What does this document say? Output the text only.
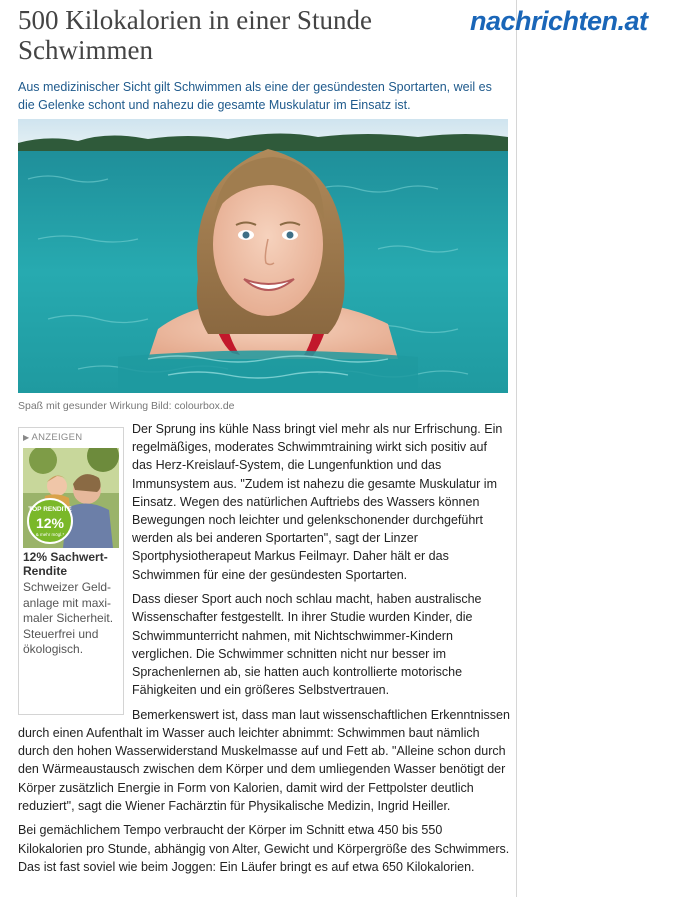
nachrichten.at
500 Kilokalorien in einer Stunde Schwimmen

Aus medizinischer Sicht gilt Schwimmen als eine der gesündesten Sportarten, weil es die Gelenke schont und nahezu die gesamte Muskulatur im Einsatz ist.

Spaß mit gesunder Wirkung Bild: colourbox.de
▶ ANZEIGEN
TOP RENDITE
12%
& mehr mögl.*
12% Sachwert-Rendite
Schweizer Geld-anlage mit maxi-maler Sicherheit. Steuerfrei und ökologisch.

Der Sprung ins kühle Nass bringt viel mehr als nur Erfrischung. Ein regelmäßiges, moderates Schwimmtraining wirkt sich positiv auf das Herz-Kreislauf-System, die Lungenfunktion und das Immunsystem aus. "Zudem ist nahezu die gesamte Muskulatur im Einsatz. Wegen des natürlichen Auftriebs des Wassers können Bewegungen noch leichter und gelenkschonender durchgeführt werden als bei anderen Sportarten", sagt der Linzer Sportphysiotherapeut Markus Feilmayr. Daher hält er das Schwimmen für eine der gesündesten Sportarten.

Dass dieser Sport auch noch schlau macht, haben australische Wissenschafter festgestellt. In ihrer Studie wurden Kinder, die Schwimmunterricht nahmen, mit Nichtschwimmer-Kindern verglichen. Die Schwimmer schnitten nicht nur besser im Sprachenlernen ab, sie hatten auch kontrollierte motorische Fähigkeiten und ein größeres Selbstvertrauen.

Bemerkenswert ist, dass man laut wissenschaftlichen Erkenntnissen durch einen Aufenthalt im Wasser auch leichter abnimmt: Schwimmen baut nämlich durch den hohen Wasserwiderstand Muskelmasse auf und Fett ab. "Alleine schon durch den Wärmeaustausch zwischen dem Körper und dem umliegenden Wasser benötigt der Körper zusätzlich Energie in Form von Kalorien, damit wird der Fettpolster deutlich reduziert", sagt die Wiener Fachärztin für Physikalische Medizin, Ingrid Heiller.

Bei gemächlichem Tempo verbraucht der Körper im Schnitt etwa 450 bis 550 Kilokalorien pro Stunde, abhängig von Alter, Gewicht und Körpergröße des Schwimmers. Das ist fast soviel wie beim Joggen: Ein Läufer bringt es auf etwa 650 Kilokalorien.
